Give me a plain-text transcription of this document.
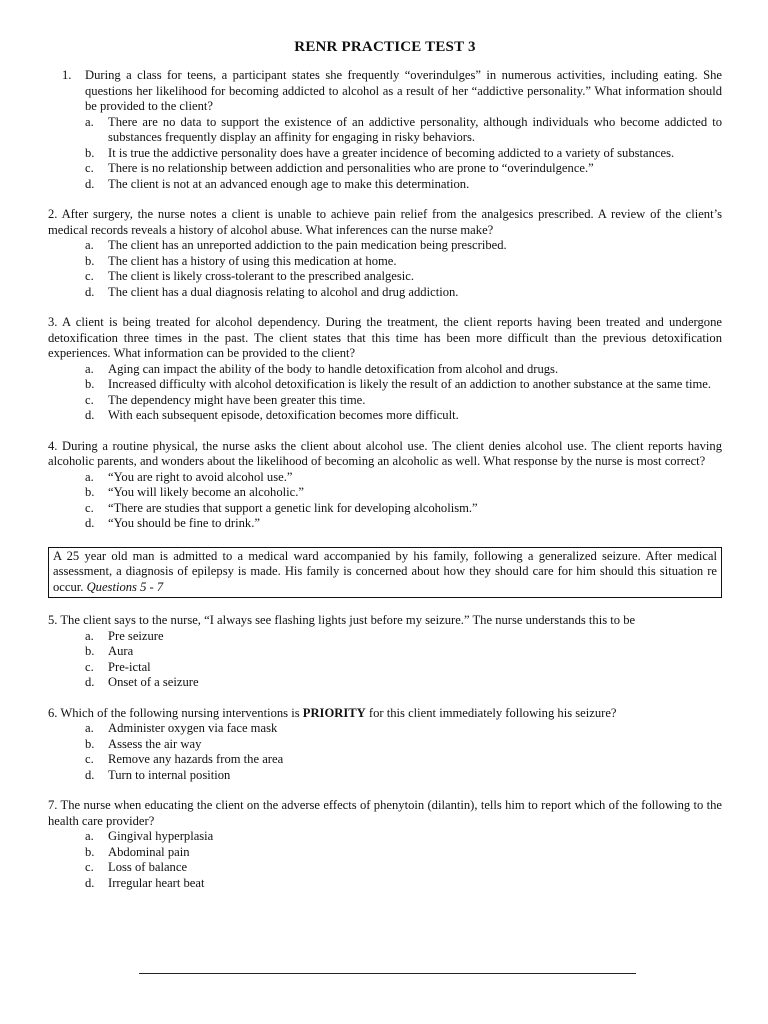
RENR PRACTICE TEST 3
1.	During a class for teens, a participant states she frequently “overindulges” in numerous activities, including eating. She questions her likelihood for becoming addicted to alcohol as a result of her “addictive personality.” What information should be provided to the client?
a.	There are no data to support the existence of an addictive personality, although individuals who become addicted to substances frequently display an affinity for engaging in risky behaviors.
b.	It is true the addictive personality does have a greater incidence of becoming addicted to a variety of substances.
c.	There is no relationship between addiction and personalities who are prone to “overindulgence.”
d.	The client is not at an advanced enough age to make this determination.
2. After surgery, the nurse notes a client is unable to achieve pain relief from the analgesics prescribed. A review of the client’s medical records reveals a history of alcohol abuse. What inferences can the nurse make?
a.	The client has an unreported addiction to the pain medication being prescribed.
b.	The client has a history of using this medication at home.
c.	The client is likely cross-tolerant to the prescribed analgesic.
d.	The client has a dual diagnosis relating to alcohol and drug addiction.
3. A client is being treated for alcohol dependency. During the treatment, the client reports having been treated and undergone detoxification three times in the past. The client states that this time has been more difficult than the previous detoxification experiences. What information can be provided to the client?
a.	Aging can impact the ability of the body to handle detoxification from alcohol and drugs.
b.	Increased difficulty with alcohol detoxification is likely the result of an addiction to another substance at the same time.
c.	The dependency might have been greater this time.
d.	With each subsequent episode, detoxification becomes more difficult.
4. During a routine physical, the nurse asks the client about alcohol use. The client denies alcohol use. The client reports having alcoholic parents, and wonders about the likelihood of becoming an alcoholic as well. What response by the nurse is most correct?
a.	“You are right to avoid alcohol use.”
b.	“You will likely become an alcoholic.”
c.	“There are studies that support a genetic link for developing alcoholism.”
d.	“You should be fine to drink.”
A 25 year old man is admitted to a medical ward accompanied by his family, following a generalized seizure. After medical assessment, a diagnosis of epilepsy is made. His family is concerned about how they should care for him should this situation re occur. Questions 5 - 7
5. The client says to the nurse, “I always see flashing lights just before my seizure.” The nurse understands this to be
a.	Pre seizure
b.	Aura
c.	Pre-ictal
d.	Onset of a seizure
6. Which of the following nursing interventions is PRIORITY for this client immediately following his seizure?
a.	Administer oxygen via face mask
b.	Assess the air way
c.	Remove any hazards from the area
d.	Turn to internal position
7. The nurse when educating the client on the adverse effects of phenytoin (dilantin), tells him to report which of the following to the health care provider?
a.	Gingival hyperplasia
b.	Abdominal pain
c.	Loss of balance
d.	Irregular heart beat
